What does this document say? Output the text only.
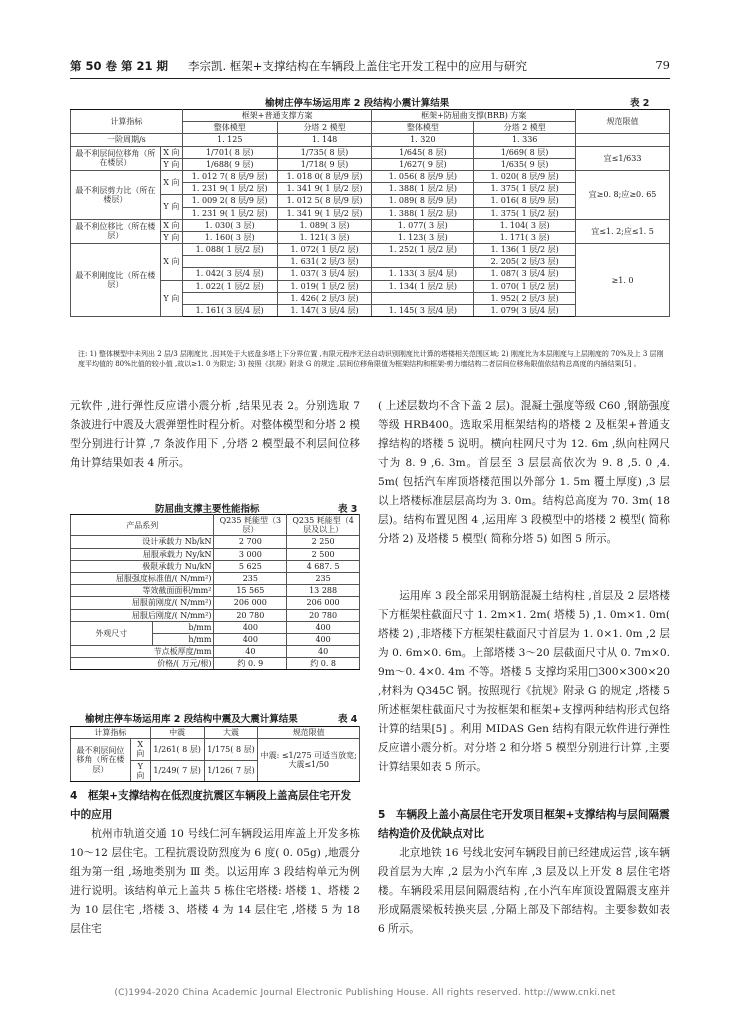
第 50 卷 第 21 期 李宗凯. 框架+支撑结构在车辆段上盖住宅开发工程中的应用与研究	79
榆树庄停车场运用库 2 段结构小震计算结果	表 2
计算指标		框架+普通支撑方案		框架+防屈曲支撑(BRB) 方案		规范限值
		整体模型	分塔 2 模型	整体模型	分塔 2 模型	
一阶周期/s		1. 125	1. 148	1. 320	1. 336	
最不利层间位移角（所在楼层）	X 向	1/701( 8 层)	1/735( 8 层)	1/645( 8 层)	1/669( 8 层)	宜≤1/633
	Y 向	1/688( 9 层)	1/718( 9 层)	1/627( 9 层)	1/635( 9 层)	
最不利层剪力比（所在楼层）	X 向	1. 012 7( 8 层/9 层)	1. 018 0( 8 层/9 层)	1. 056( 8 层/9 层)	1. 020( 8 层/9 层)	宜≥0. 8;应≥0. 65
		1. 231 9( 1 层/2 层)	1. 341 9( 1 层/2 层)	1. 388( 1 层/2 层)	1. 375( 1 层/2 层)	
	Y 向	1. 009 2( 8 层/9 层)	1. 012 5( 8 层/9 层)	1. 089( 8 层/9 层)	1. 016( 8 层/9 层)	
		1. 231 9( 1 层/2 层)	1. 341 9( 1 层/2 层)	1. 388( 1 层/2 层)	1. 375( 1 层/2 层)	
最不利位移比（所在楼层）	X 向	1. 030( 3 层)	1. 089( 3 层)	1. 077( 3 层)	1. 104( 3 层)	宜≤1. 2;应≤1. 5
	Y 向	1. 160( 3 层)	1. 121( 3 层)	1. 123( 3 层)	1. 171( 3 层)	
最不利刚度比（所在楼层）	X 向	1. 088( 1 层/2 层)	1. 072( 1 层/2 层)	1. 252( 1 层/2 层)	1. 136( 1 层/2 层)	≥1. 0
			1. 631( 2 层/3 层)		2. 205( 2 层/3 层)	
		1. 042( 3 层/4 层)	1. 037( 3 层/4 层)	1. 133( 3 层/4 层)	1. 087( 3 层/4 层)	
	Y 向	1. 022( 1 层/2 层)	1. 019( 1 层/2 层)	1. 134( 1 层/2 层)	1. 070( 1 层/2 层)	
			1. 426( 2 层/3 层)		1. 952( 2 层/3 层)	
		1. 161( 3 层/4 层)	1. 147( 3 层/4 层)	1. 145( 3 层/4 层)	1. 079( 3 层/4 层)	
注: 1) 整体模型中未列出 2 层/3 层刚度比 ,因其处于大底盘多塔上下分界位置 ,有限元程序无法自动识别刚度比计算的塔楼相关范围区域; 2) 刚度比为本层刚度与上层刚度的 70%及上 3 层刚度平均值的 80%比值的较小值 ,故以≥1. 0 为限定; 3) 按照《抗规》附录 G 的规定 ,层间位移角限值为框架结构和框架-剪力墙结构二者层间位移角限值依结构总高度的内插结果[5] 。

元软件 ,进行弹性反应谱小震分析 ,结果见表 2。分别选取 7 条波进行中震及大震弹塑性时程分析。对整体模型和分塔 2 模型分别进行计算 ,7 条波作用下 ,分塔 2 模型最不利层间位移角计算结果如表 4 所示。

防屈曲支撑主要性能指标	表 3
产品系列		Q235 耗能型（3 层）	Q235 耗能型（4 层及以上）
设计承载力 Nb/kN		2 700	2 250
屈服承载力 Ny/kN		3 000	2 500
极限承载力 Nu/kN		5 625	4 687. 5
屈服强度标准值/( N/mm²)		235	235
等效截面面积/mm²		15 565	13 288
屈服前刚度/( N/mm²)		206 000	206 000
屈服后刚度/( N/mm²)		20 780	20 780
外观尺寸	b/mm	400	400
	h/mm	400	400
节点板厚度/mm		40	40
价格/( 万元/根)		约 0. 9	约 0. 8
榆树庄停车场运用库 2 段结构中震及大震计算结果	表 4
计算指标		中震	大震	规范限值
最不利层间位移角（所在楼层）	X 向	1/261( 8 层)	1/175( 8 层)	中震: ≤1/275 可适当放宽; 大震≤1/50
	Y 向	1/249( 7 层)	1/126( 7 层)	
4　框架+支撑结构在低烈度抗震区车辆段上盖高层住宅开发中的应用

杭州市轨道交通 10 号线仁河车辆段运用库盖上开发多栋 10～12 层住宅。工程抗震设防烈度为 6 度( 0. 05g) ,地震分组为第一组 ,场地类别为 Ⅲ 类。以运用库 3 段结构单元为例进行说明。该结构单元上盖共 5 栋住宅塔楼: 塔楼 1、塔楼 2 为 10 层住宅 ,塔楼 3、塔楼 4 为 14 层住宅 ,塔楼 5 为 18 层住宅

( 上述层数均不含下盖 2 层)。混凝土强度等级 C60 ,钢筋强度等级 HRB400。选取采用框架结构的塔楼 2 及框架+普通支撑结构的塔楼 5 说明。横向柱网尺寸为 12. 6m ,纵向柱网尺寸为 8. 9 ,6. 3m。首层至 3 层层高依次为 9. 8 ,5. 0 ,4. 5m( 包括汽车库顶塔楼范围以外部分 1. 5m 覆土厚度) ,3 层以上塔楼标准层层高均为 3. 0m。结构总高度为 70. 3m( 18 层)。结构布置见图 4 ,运用库 3 段模型中的塔楼 2 模型( 简称分塔 2) 及塔楼 5 模型( 简称分塔 5) 如图 5 所示。

运用库 3 段全部采用钢筋混凝土结构柱 ,首层及 2 层塔楼下方框架柱截面尺寸 1. 2m×1. 2m( 塔楼 5) ,1. 0m×1. 0m( 塔楼 2) ,非塔楼下方框架柱截面尺寸首层为 1. 0×1. 0m ,2 层为 0. 6m×0. 6m。上部塔楼 3～20 层截面尺寸从 0. 7m×0. 9m～0. 4×0. 4m 不等。塔楼 5 支撑均采用□300×300×20 ,材料为 Q345C 钢。按照现行《抗规》附录 G 的规定 ,塔楼 5 所述框架柱截面尺寸为按框架和框架+支撑两种结构形式包络计算的结果[5] 。利用 MIDAS Gen 结构有限元软件进行弹性反应谱小震分析。对分塔 2 和分塔 5 模型分别进行计算 ,主要计算结果如表 5 所示。

5　车辆段上盖小高层住宅开发项目框架+支撑结构与层间隔震结构造价及优缺点对比

北京地铁 16 号线北安河车辆段目前已经建成运营 ,该车辆段首层为大库 ,2 层为小汽车库 ,3 层及以上开发 8 层住宅塔楼。车辆段采用层间隔震结构 ,在小汽车库顶设置隔震支座并形成隔震梁板转换夹层 ,分隔上部及下部结构。主要参数如表 6 所示。

(C)1994-2020 China Academic Journal Electronic Publishing House. All rights reserved. http://www.cnki.net
